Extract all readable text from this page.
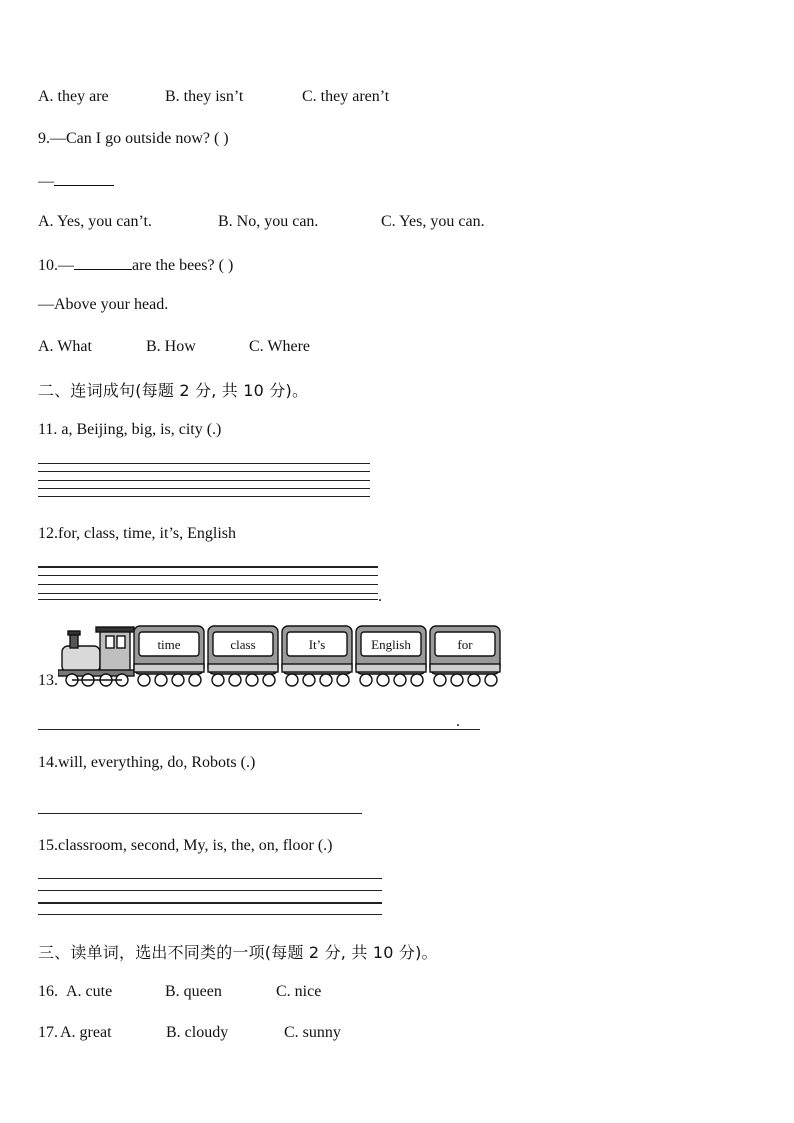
A. they are	B. they isn’t	C. they aren’t
9.—Can I go outside now? ( )
—
A. Yes, you can’t.	B. No, you can.	C. Yes, you can.
10.—	are the bees? ( )
—Above your head.
A. What	B. How	C. Where
二、连词成句(每题 2 分, 共 10 分)。
11. a, Beijing, big, is, city (.)
12.for, class, time, it’s, English
.
13.
time	class	It’s	English	for
.
14.will, everything, do, Robots (.)
15.classroom, second, My, is, the, on, floor (.)
三、读单词，选出不同类的一项(每题 2 分, 共 10 分)。
16. A. cute	B. queen	C. nice
17. A. great	B. cloudy	C. sunny
